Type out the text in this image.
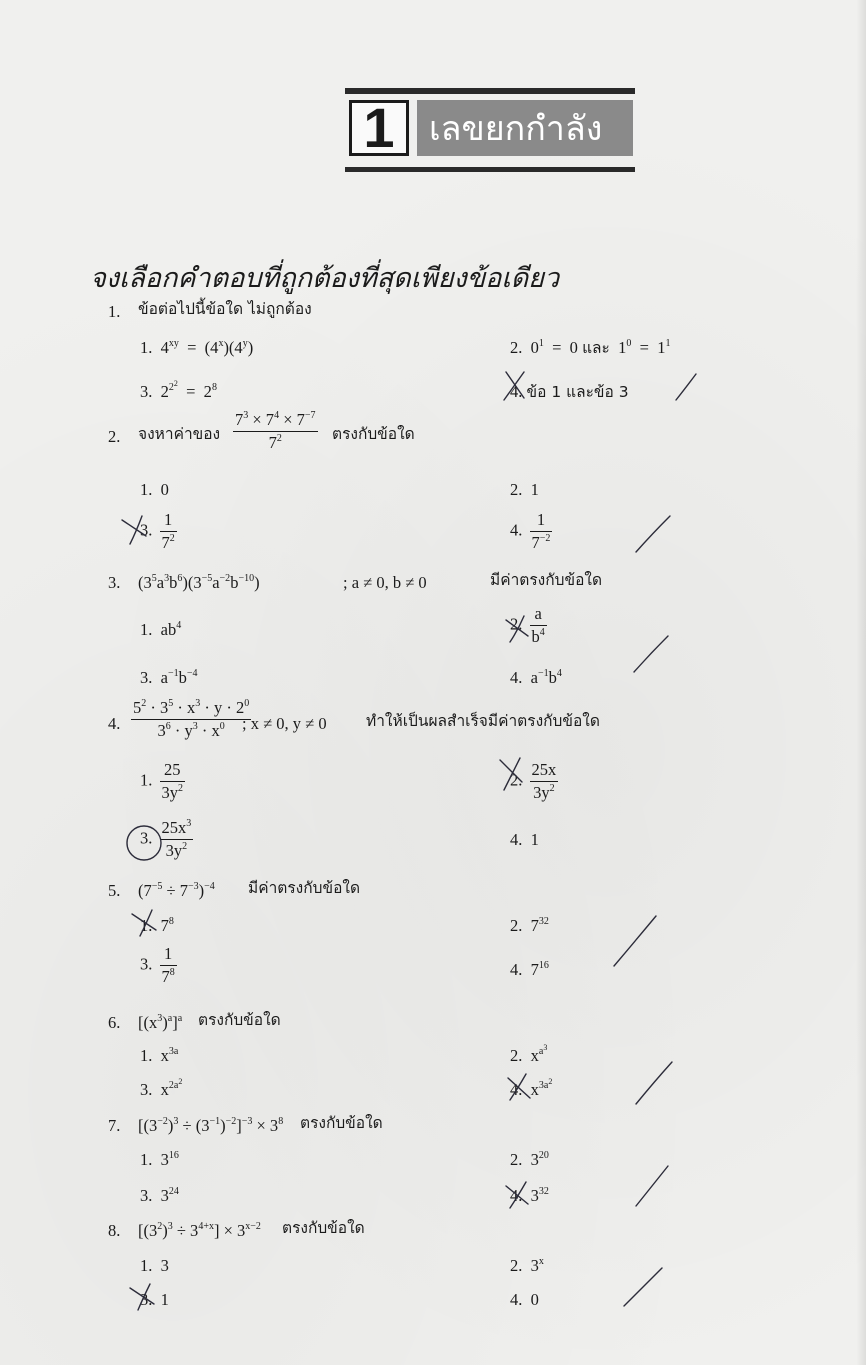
1	เลขยกกำลัง
จงเลือกคำตอบที่ถูกต้องที่สุดเพียงข้อเดียว
1. ข้อต่อไปนี้ข้อใด ไม่ถูกต้อง
1.  $4^{xy} = (4^x)(4^y)$	2.  $0^1 = 0$ และ  $1^0 = 1^1$
3.  $2^{2^2} = 2^8$	4. ข้อ 1 และข้อ 3
2. จงหาค่าของ $\frac{7^3 \times 7^4 \times 7^{-7}}{7^2}$ ตรงกับข้อใด
1. 0	2. 1
3. $\frac{1}{7^2}$	4. $\frac{1}{7^{-2}}$
3. $(3^5a^3b^6)(3^{-5}a^{-2}b^{-10})$	; a ≠ 0, b ≠ 0	มีค่าตรงกับข้อใด
1.  $ab^4$	2. $\frac{a}{b^4}$
3.  $a^{-1}b^{-4}$	4.  $a^{-1}b^4$
4. $\frac{5^2 \cdot 3^5 \cdot x^3 \cdot y \cdot 2^0}{3^6 \cdot y^3 \cdot x^0}$
; x ≠ 0, y ≠ 0	ทำให้เป็นผลสำเร็จมีค่าตรงกับข้อใด
1. $\frac{25}{3y^2}$	2. $\frac{25x}{3y^2}$
3. $\frac{25x^3}{3y^2}$	4. 1
5. $(7^{-5} \div 7^{-3})^{-4}$ มีค่าตรงกับข้อใด
1.  $7^8$	2.  $7^{32}$
3. $\frac{1}{7^8}$	4.  $7^{16}$
6. $[(x^3)^a]^a$ ตรงกับข้อใด
1.  $x^{3a}$	2.  $x^{a^3}$
3.  $x^{2a^2}$	4.  $x^{3a^2}$
7. $[(3^{-2})^3 \div (3^{-1})^{-2}]^{-3} \times 3^8$ ตรงกับข้อใด
1.  $3^{16}$	2.  $3^{20}$
3.  $3^{24}$	4.  $3^{32}$
8. $[(3^2)^3 \div 3^{4+x}] \times 3^{x-2}$ ตรงกับข้อใด
1. 3	2.  3$^x$
3. 1	4. 0
